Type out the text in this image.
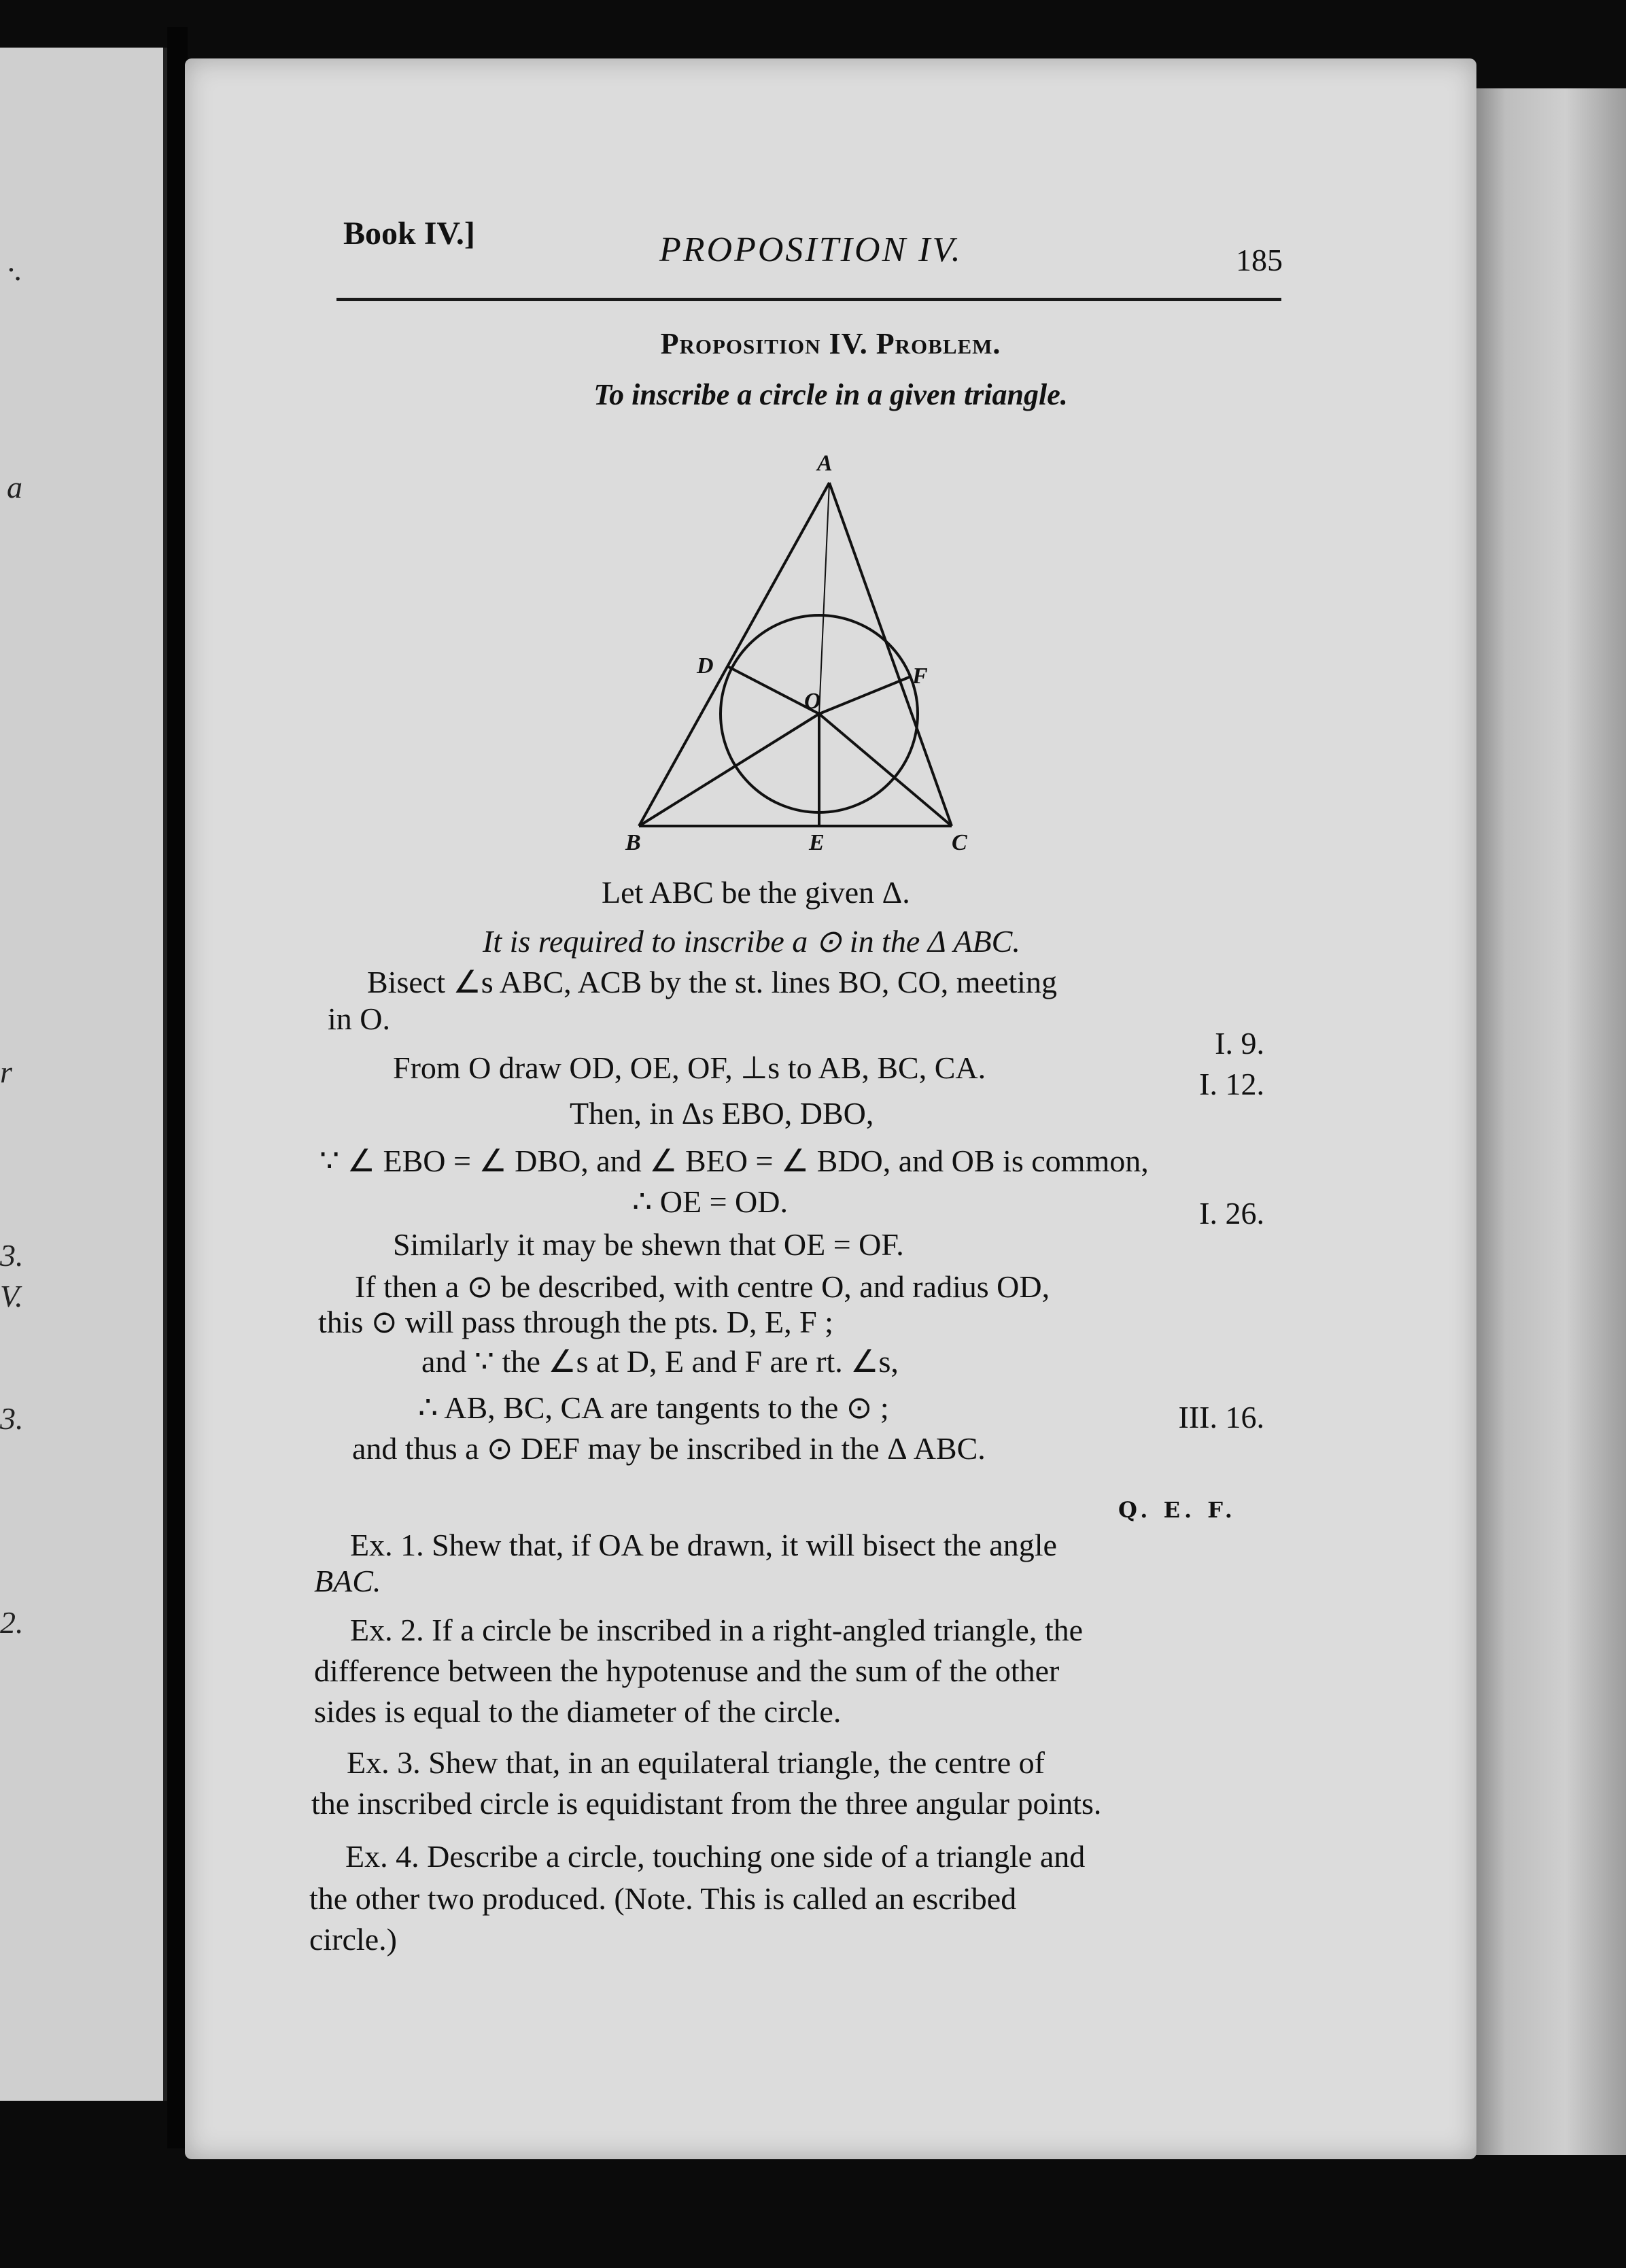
·.
a
r
3.
V.
3.
2.
Book IV.]	PROPOSITION IV.	185
Proposition IV. Problem.
To inscribe a circle in a given triangle.
A
B	C
D
E
F
O
Let ABC be the given Δ.
It is required to inscribe a ⊙ in the Δ ABC.
Bisect ∠s ABC, ACB by the st. lines BO, CO, meeting
in O.
I. 9.
From O draw OD, OE, OF, ⊥s to AB, BC, CA.	I. 12.
Then, in Δs EBO, DBO,
∵ ∠ EBO = ∠ DBO, and ∠ BEO = ∠ BDO, and OB is common,
∴ OE = OD.	I. 26.
Similarly it may be shewn that OE = OF.
If then a ⊙ be described, with centre O, and radius OD,
this ⊙ will pass through the pts. D, E, F ;
and ∵ the ∠s at D, E and F are rt. ∠s,
∴ AB, BC, CA are tangents to the ⊙ ;	III. 16.
and thus a ⊙ DEF may be inscribed in the Δ ABC.
Q. E. F.
Ex. 1. Shew that, if OA be drawn, it will bisect the angle
BAC.
Ex. 2. If a circle be inscribed in a right-angled triangle, the
difference between the hypotenuse and the sum of the other
sides is equal to the diameter of the circle.
Ex. 3. Shew that, in an equilateral triangle, the centre of
the inscribed circle is equidistant from the three angular points.
Ex. 4. Describe a circle, touching one side of a triangle and
the other two produced. (Note. This is called an escribed
circle.)
